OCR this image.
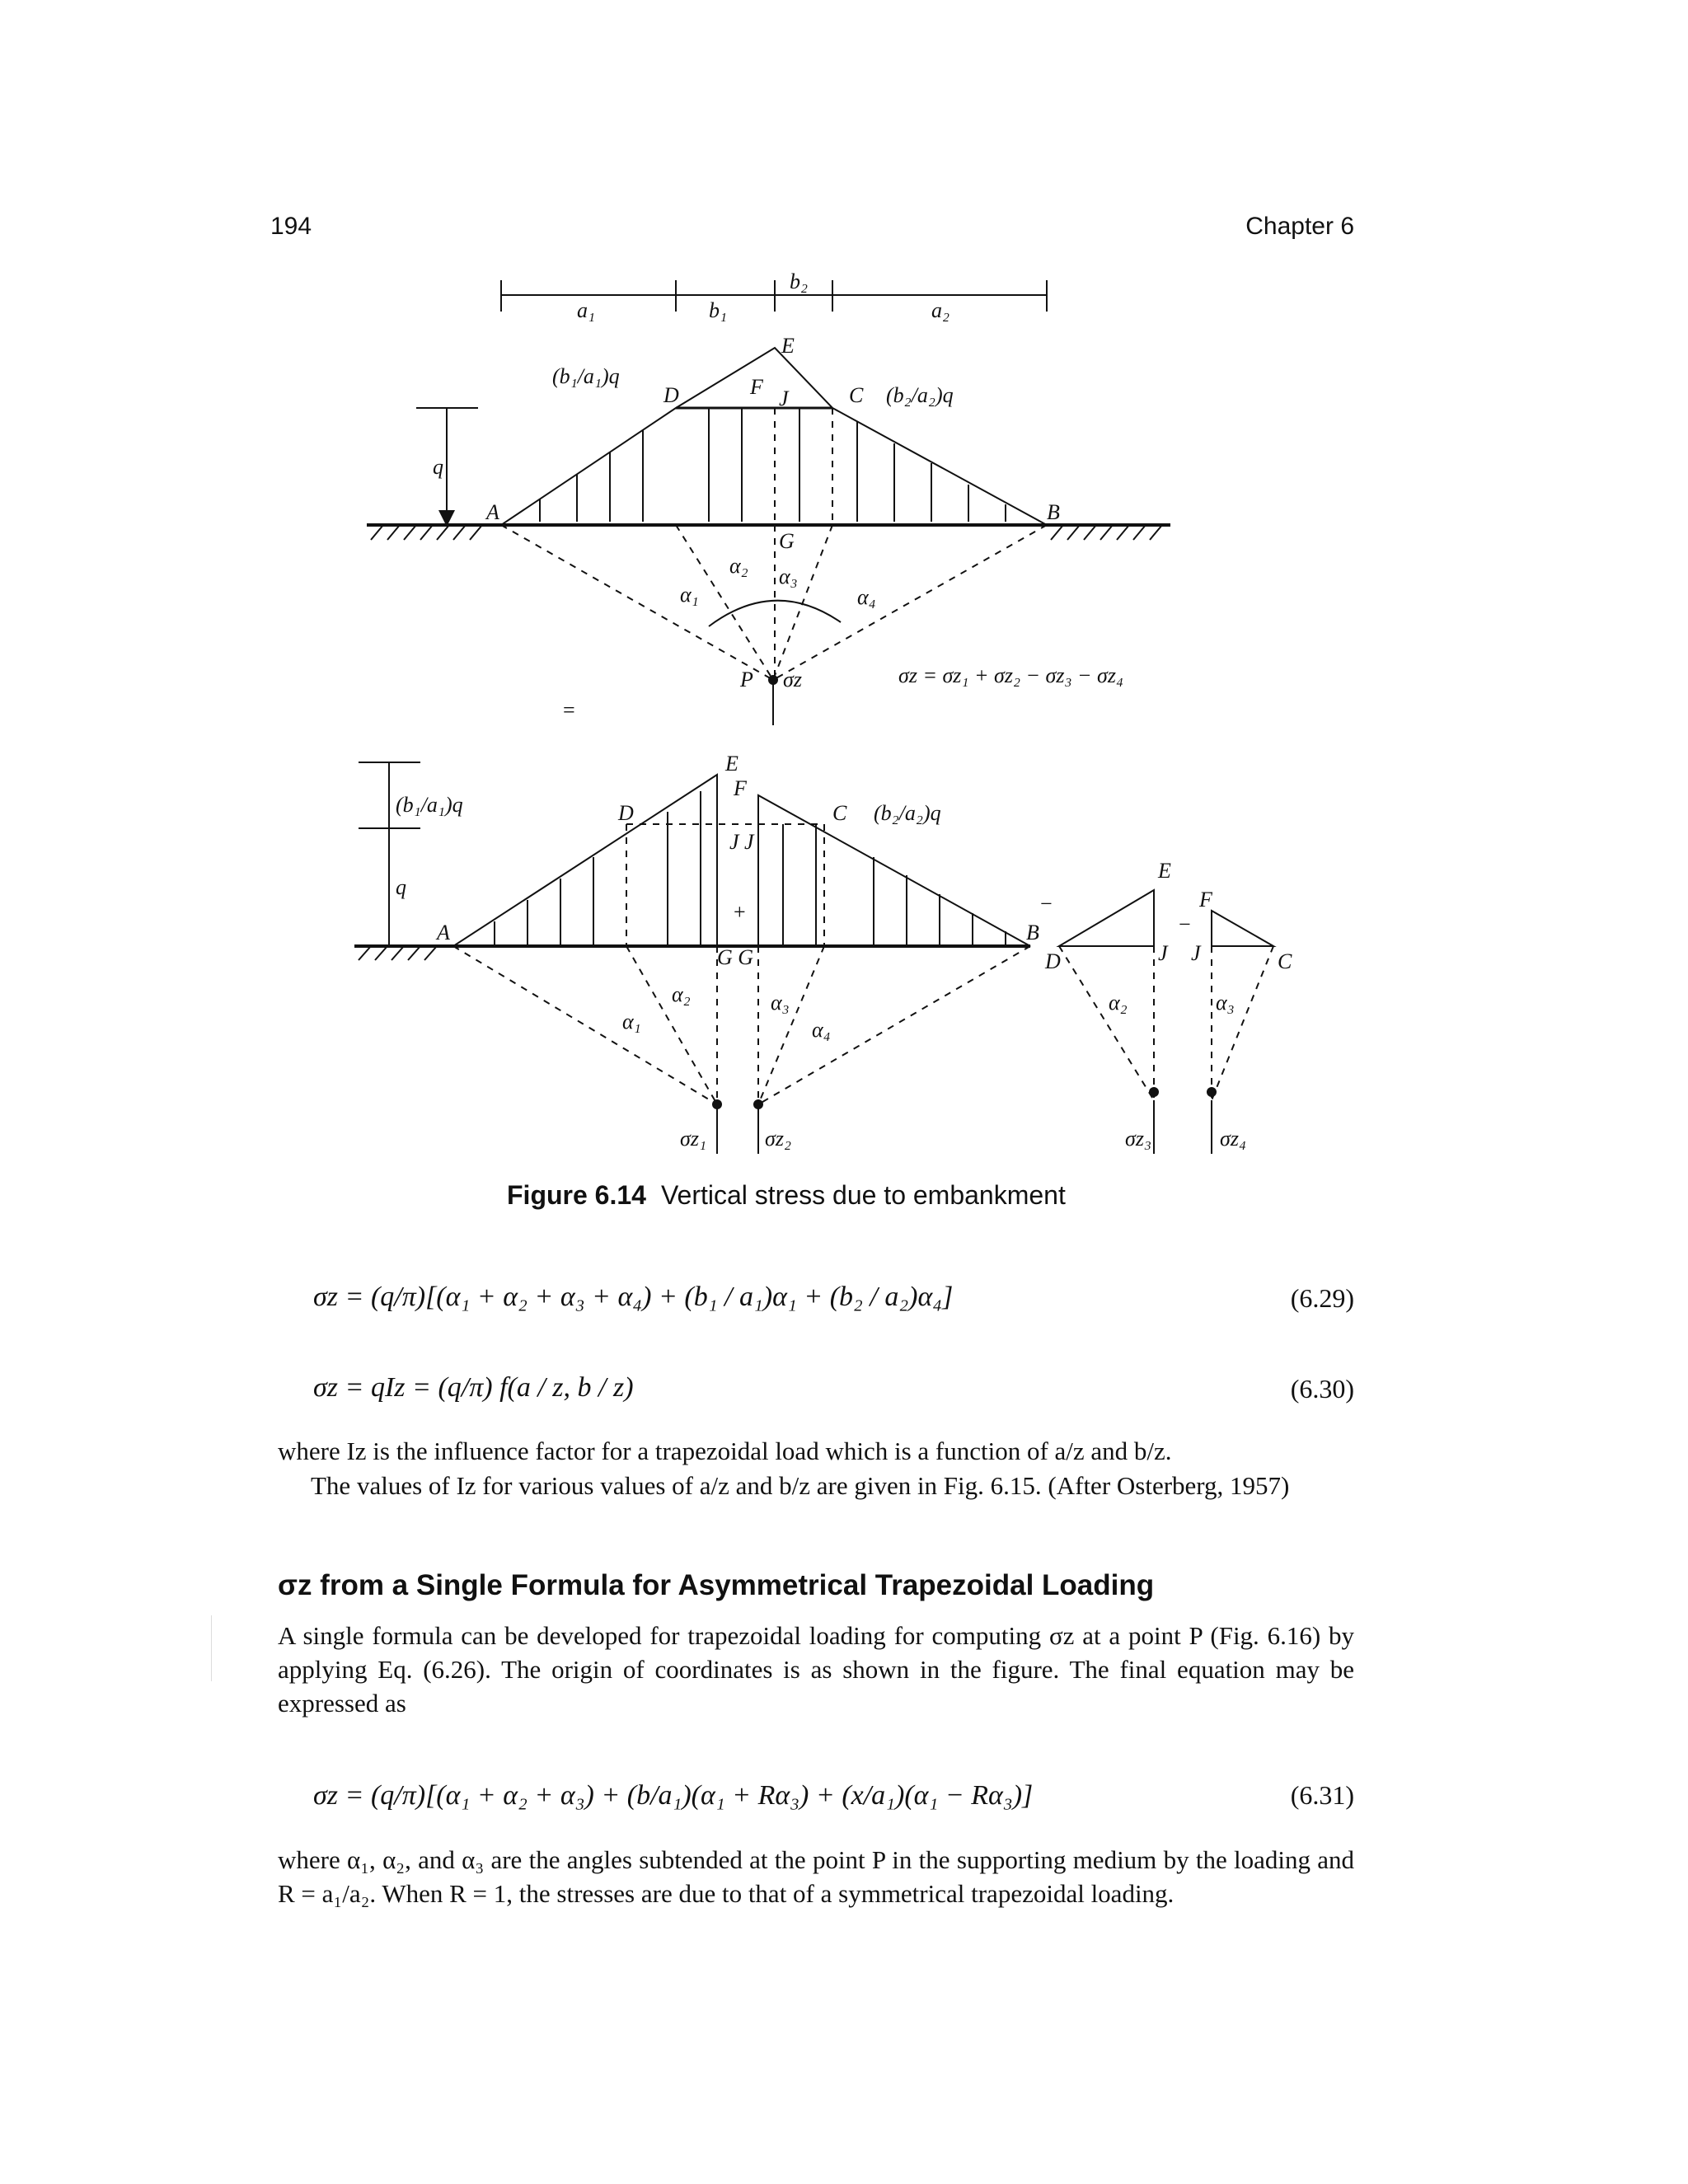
194	Chapter 6
a₁	b₁
b₂
a₂
E
(b₁/a₁)q
D	F J	C (b₂/a₂)q
q
A	B
G
α₂ α₃
α₁	α₄
P σz	σz = σz₁ + σz₂ − σz₃ − σz₄
=
(b₁/a₁)q
q
A
D
E
F
J J
+
C (b₂/a₂)q
B
G G
α₂	α₃
α₁	α₄
σz₁	σz₂
−
E
D	J
α₂
σz₃
−
F
J	C
α₃
σz₄
Figure 6.14 Vertical stress due to embankment
σz = (q/π)[(α₁ + α₂ + α₃ + α₄) + (b₁ / a₁)α₁ + (b₂ / a₂)α₄]	(6.29)
σz = qIz = (q/π) f(a / z, b / z)	(6.30)
where Iz is the influence factor for a trapezoidal load which is a function of a/z and b/z.
The values of Iz for various values of a/z and b/z are given in Fig. 6.15. (After Osterberg, 1957)
σz from a Single Formula for Asymmetrical Trapezoidal Loading
A single formula can be developed for trapezoidal loading for computing σz at a point P (Fig. 6.16) by applying Eq. (6.26). The origin of coordinates is as shown in the figure. The final equation may be expressed as
σz = (q/π)[(α₁ + α₂ + α₃) + (b/a₁)(α₁ + Rα₃) + (x/a₁)(α₁ − Rα₃)]	(6.31)
where α₁, α₂, and α₃ are the angles subtended at the point P in the supporting medium by the loading and R = a₁/a₂. When R = 1, the stresses are due to that of a symmetrical trapezoidal loading.
